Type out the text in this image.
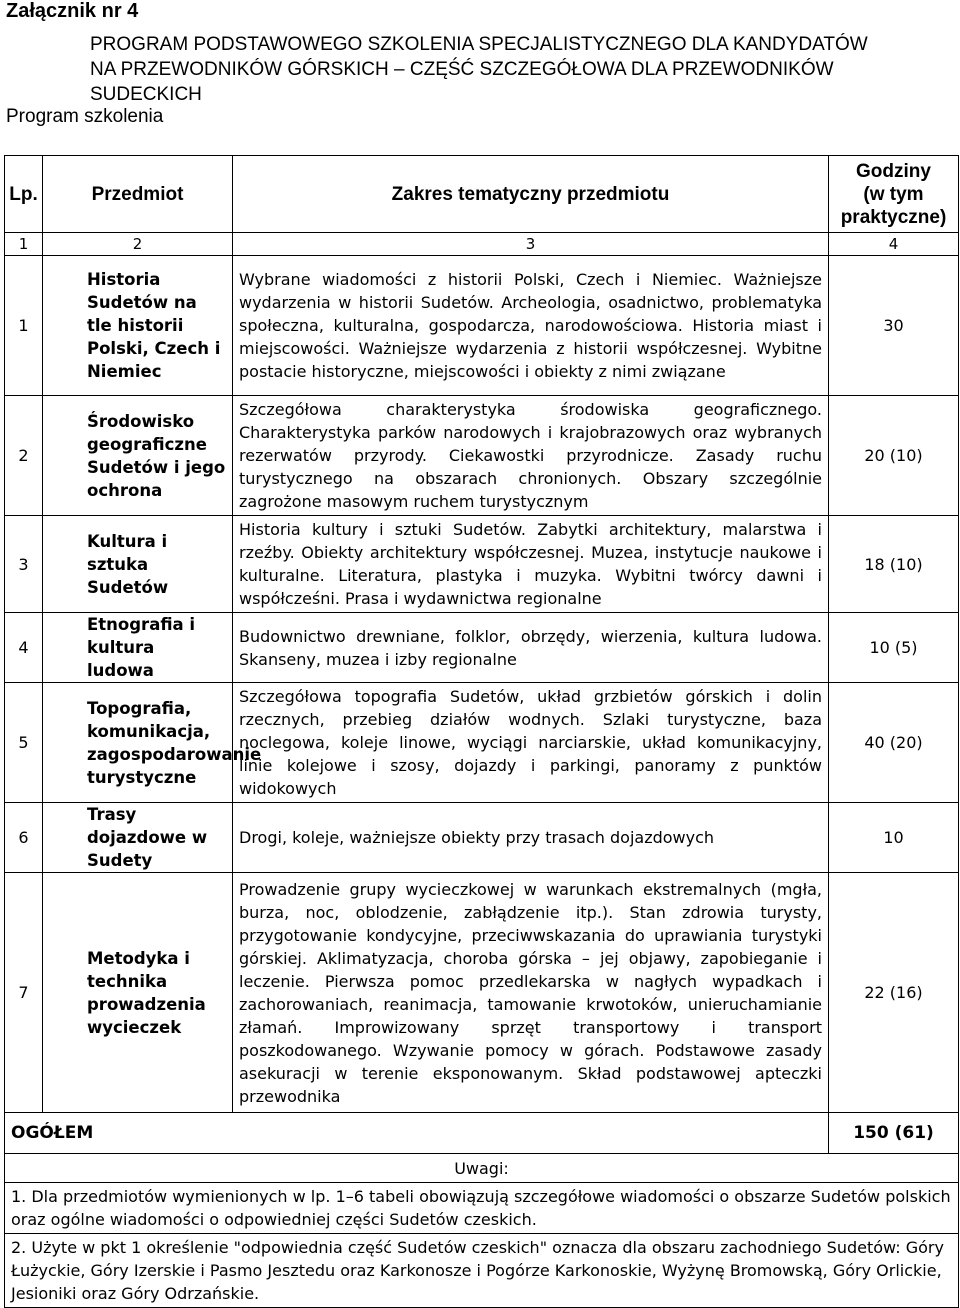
Załącznik nr 4
PROGRAM PODSTAWOWEGO SZKOLENIA SPECJALISTYCZNEGO DLA KANDYDATÓW
NA PRZEWODNIKÓW GÓRSKICH – CZĘŚĆ SZCZEGÓŁOWA DLA PRZEWODNIKÓW SUDECKICH
Program szkolenia
Lp.	Przedmiot	Zakres tematyczny przedmiotu	Godziny
(w tym
praktyczne)

1	2	3	4
1	Historia Sudetów na tle historii Polski, Czech i Niemiec	Wybrane wiadomości z historii Polski, Czech i Niemiec. Ważniejsze wydarzenia w historii Sudetów. Archeologia, osadnictwo, problematyka społeczna, kulturalna, gospodarcza, narodowościowa. Historia miast i miejscowości. Ważniejsze wydarzenia z historii współczesnej. Wybitne postacie historyczne, miejscowości i obiekty z nimi związane	30
2	Środowisko geograficzne Sudetów i jego ochrona	Szczegółowa charakterystyka środowiska geograficznego. Charakterystyka parków narodowych i krajobrazowych oraz wybranych rezerwatów przyrody. Ciekawostki przyrodnicze. Zasady ruchu turystycznego na obszarach chronionych. Obszary szczególnie zagrożone masowym ruchem turystycznym	20 (10)
3	Kultura i sztuka Sudetów	Historia kultury i sztuki Sudetów. Zabytki architektury, malarstwa i rzeźby. Obiekty architektury współczesnej. Muzea, instytucje naukowe i kulturalne. Literatura, plastyka i muzyka. Wybitni twórcy dawni i współcześni. Prasa i wydawnictwa regionalne	18 (10)
4	Etnografia i kultura ludowa	Budownictwo drewniane, folklor, obrzędy, wierzenia, kultura ludowa. Skanseny, muzea i izby regionalne	10 (5)
5	Topografia, komunikacja, zagospodarowanie turystyczne	Szczegółowa topografia Sudetów, układ grzbietów górskich i dolin rzecznych, przebieg działów wodnych. Szlaki turystyczne, baza noclegowa, koleje linowe, wyciągi narciarskie, układ komunikacyjny, linie kolejowe i szosy, dojazdy i parkingi, panoramy z punktów widokowych	40 (20)
6	Trasy dojazdowe w Sudety	Drogi, koleje, ważniejsze obiekty przy trasach dojazdowych	10
7	Metodyka i technika prowadzenia wycieczek	Prowadzenie grupy wycieczkowej w warunkach ekstremalnych (mgła, burza, noc, oblodzenie, zabłądzenie itp.). Stan zdrowia turysty, przygotowanie kondycyjne, przeciwwskazania do uprawiania turystyki górskiej. Aklimatyzacja, choroba górska – jej objawy, zapobieganie i leczenie. Pierwsza pomoc przedlekarska w nagłych wypadkach i zachorowaniach, reanimacja, tamowanie krwotoków, unieruchamianie złamań. Improwizowany sprzęt transportowy i transport poszkodowanego. Wzywanie pomocy w górach. Podstawowe zasady asekuracji w terenie eksponowanym. Skład podstawowej apteczki przewodnika	22 (16)
OGÓŁEM			150 (61)
Uwagi:			
1. Dla przedmiotów wymienionych w lp. 1–6 tabeli obowiązują szczegółowe wiadomości o obszarze Sudetów polskich oraz ogólne wiadomości o odpowiedniej części Sudetów czeskich.			
2. Użyte w pkt 1 określenie "odpowiednia część Sudetów czeskich" oznacza dla obszaru zachodniego Sudetów: Góry Łużyckie, Góry Izerskie i Pasmo Jesztedu oraz Karkonosze i Pogórze Karkonoskie, Wyżynę Bromowską, Góry Orlickie, Jesioniki oraz Góry Odrzańskie.			
